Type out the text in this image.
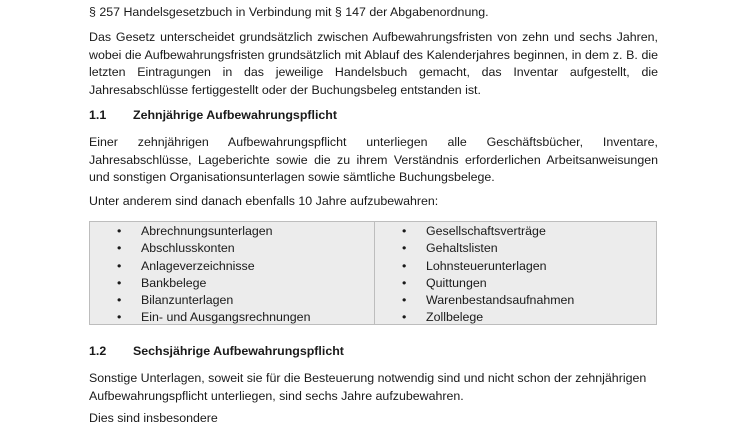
§ 257 Handelsgesetzbuch in Verbindung mit § 147 der Abgabenordnung.

Das Gesetz unterscheidet grundsätzlich zwischen Aufbewahrungsfristen von zehn und sechs Jahren, wobei die Aufbewahrungsfristen grundsätzlich mit Ablauf des Kalenderjahres beginnen, in dem z. B. die letzten Eintragungen in das jeweilige Handelsbuch gemacht, das Inventar aufgestellt, die Jahresabschlüsse fertiggestellt oder der Buchungsbeleg entstanden ist.

1.1 Zehnjährige Aufbewahrungspflicht

Einer zehnjährigen Aufbewahrungspflicht unterliegen alle Geschäftsbücher, Inventare, Jahresabschlüsse, Lageberichte sowie die zu ihrem Verständnis erforderlichen Arbeitsanweisungen und sonstigen Organisationsunterlagen sowie sämtliche Buchungsbelege.

Unter anderem sind danach ebenfalls 10 Jahre aufzubewahren:

• Abrechnungsunterlagen
• Abschlusskonten
• Anlageverzeichnisse
• Bankbelege
• Bilanzunterlagen
• Ein- und Ausgangsrechnungen
• Gesellschaftsverträge
• Gehaltslisten
• Lohnsteuerunterlagen
• Quittungen
• Warenbestandsaufnahmen
• Zollbelege
1.2 Sechsjährige Aufbewahrungspflicht

Sonstige Unterlagen, soweit sie für die Besteuerung notwendig sind und nicht schon der zehnjährigen Aufbewahrungspflicht unterliegen, sind sechs Jahre aufzubewahren.

Dies sind insbesondere
